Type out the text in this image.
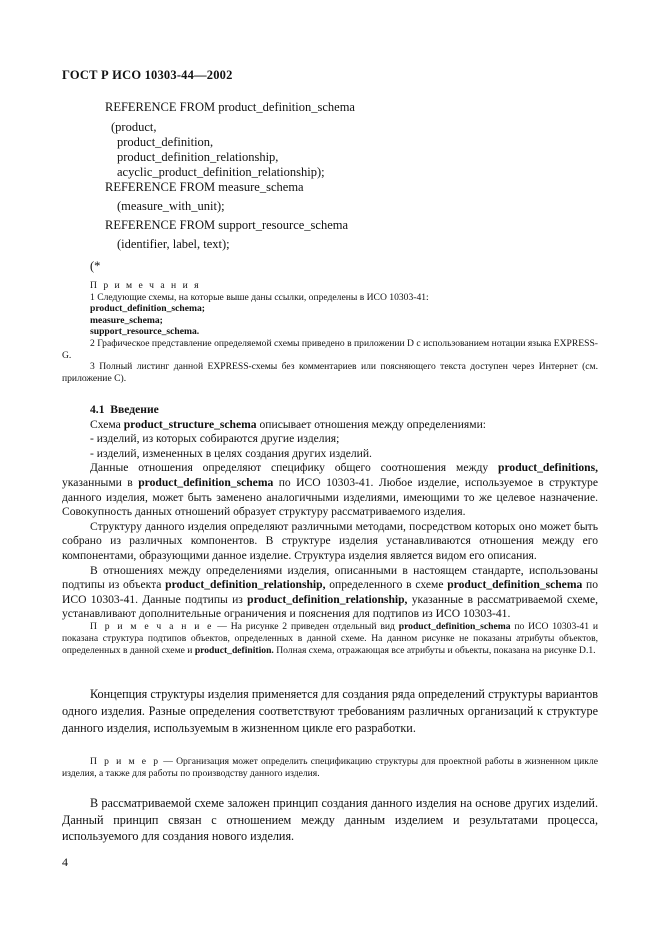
ГОСТ Р ИСО 10303-44—2002
REFERENCE FROM product_definition_schema
(product,
product_definition,
product_definition_relationship,
acyclic_product_definition_relationship);
REFERENCE FROM measure_schema
(measure_with_unit);
REFERENCE FROM support_resource_schema
(identifier, label, text);
(*
П р и м е ч а н и я
1 Следующие схемы, на которые выше даны ссылки, определены в ИСО 10303-41:
product_definition_schema;
measure_schema;
support_resource_schema.
2 Графическое представление определяемой схемы приведено в приложении D с использованием нотации языка EXPRESS-G.
3 Полный листинг данной EXPRESS-схемы без комментариев или поясняющего текста доступен через Интернет (см. приложение С).
4.1 Введение
Схема product_structure_schema описывает отношения между определениями:
- изделий, из которых собираются другие изделия;
- изделий, измененных в целях создания других изделий.
Данные отношения определяют специфику общего соотношения между product_definitions, указанными в product_definition_schema по ИСО 10303-41. Любое изделие, используемое в структуре данного изделия, может быть заменено аналогичными изделиями, имеющими то же целевое назначение. Совокупность данных отношений образует структуру рассматриваемого изделия.
Структуру данного изделия определяют различными методами, посредством которых оно может быть собрано из различных компонентов. В структуре изделия устанавливаются отношения между его компонентами, образующими данное изделие. Структура изделия является видом его описания.
В отношениях между определениями изделия, описанными в настоящем стандарте, использованы подтипы из объекта product_definition_relationship, определенного в схеме product_definition_schema по ИСО 10303-41. Данные подтипы из product_definition_relationship, указанные в рассматриваемой схеме, устанавливают дополнительные ограничения и пояснения для подтипов из ИСО 10303-41.
П р и м е ч а н и е — На рисунке 2 приведен отдельный вид product_definition_schema по ИСО 10303-41 и показана структура подтипов объектов, определенных в данной схеме. На данном рисунке не показаны атрибуты объектов, определенных в данной схеме и product_definition. Полная схема, отражающая все атрибуты и объекты, показана на рисунке D.1.
Концепция структуры изделия применяется для создания ряда определений структуры вариантов одного изделия. Разные определения соответствуют требованиям различных организаций к структуре данного изделия, используемым в жизненном цикле его разработки.
П р и м е р — Организация может определить спецификацию структуры для проектной работы в жизненном цикле изделия, а также для работы по производству данного изделия.
В рассматриваемой схеме заложен принцип создания данного изделия на основе других изделий. Данный принцип связан с отношением между данным изделием и результатами процесса, используемого для создания нового изделия.
4
